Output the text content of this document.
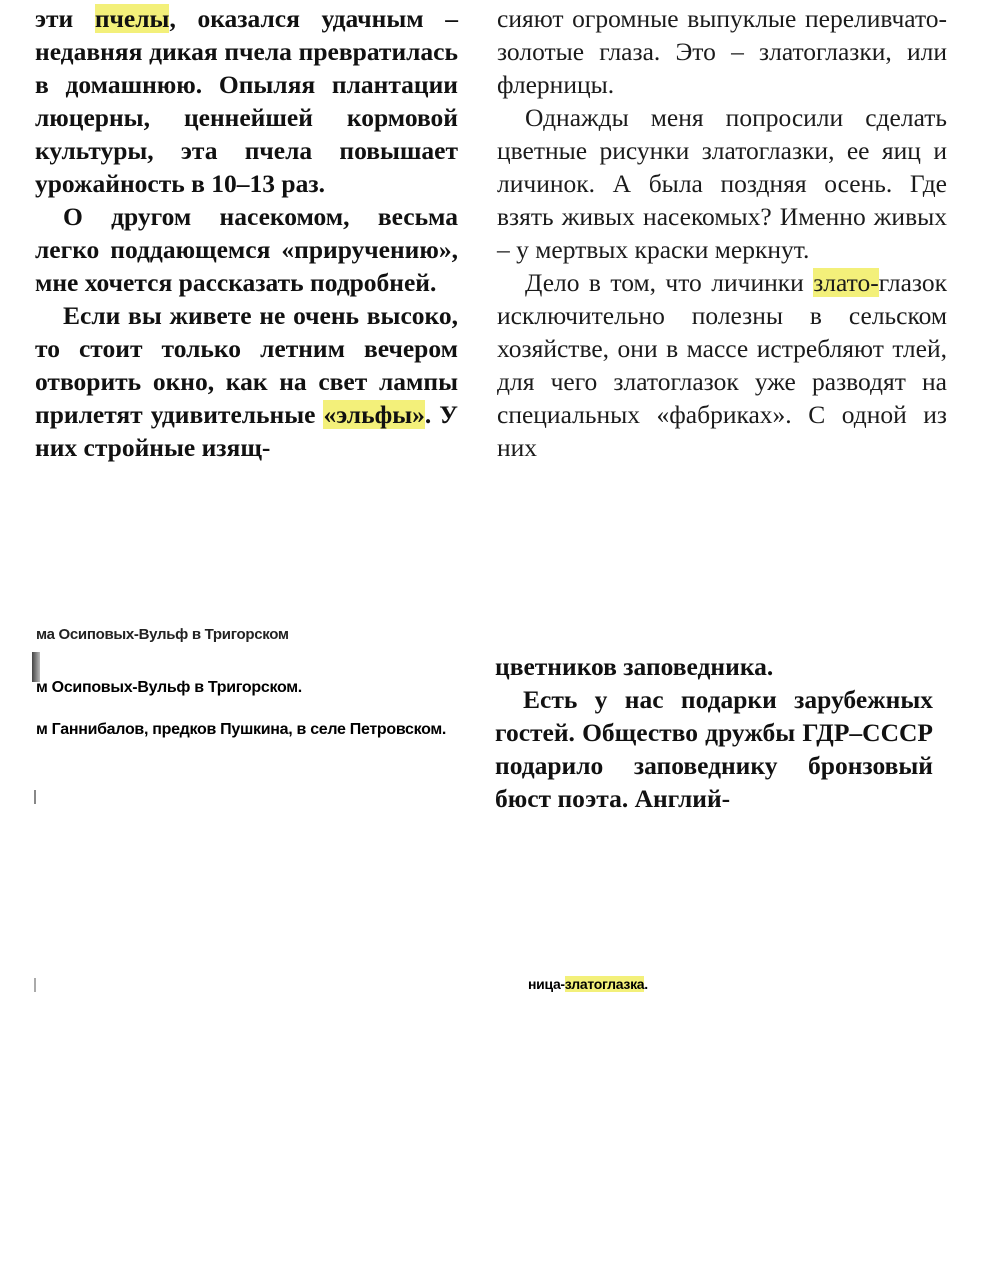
эти пчелы, оказался удачным – недавняя дикая пчела превратилась в домашнюю. Опыляя плантации люцерны, ценнейшей кормовой культуры, эта пчела повышает урожайность в 10–13 раз.

О другом насекомом, весьма легко поддающемся «приручению», мне хочется рассказать подробней.

Если вы живете не очень высоко, то стоит только летним вечером отворить окно, как на свет лампы прилетят удивительные «эльфы». У них стройные изящ-

сияют огромные выпуклые переливчато-золотые глаза. Это – златоглазки, или флерницы.

Однажды меня попросили сделать цветные рисунки златоглазки, ее яиц и личинок. А была поздняя осень. Где взять живых насекомых? Именно живых – у мертвых краски меркнут.

Дело в том, что личинки злато-глазок исключительно полезны в сельском хозяйстве, они в массе истребляют тлей, для чего златоглазок уже разводят на специальных «фабриках». С одной из них

ма Осиповых-Вульф в Тригорском
м Осиповых-Вульф в Тригорском.
м Ганнибалов, предков Пушкина, в селе Петровском.

цветников заповедника.

Есть у нас подарки зарубежных гостей. Общество дружбы ГДР–СССР подарило заповеднику бронзовый бюст поэта. Англий-

ница-златоглазка.
